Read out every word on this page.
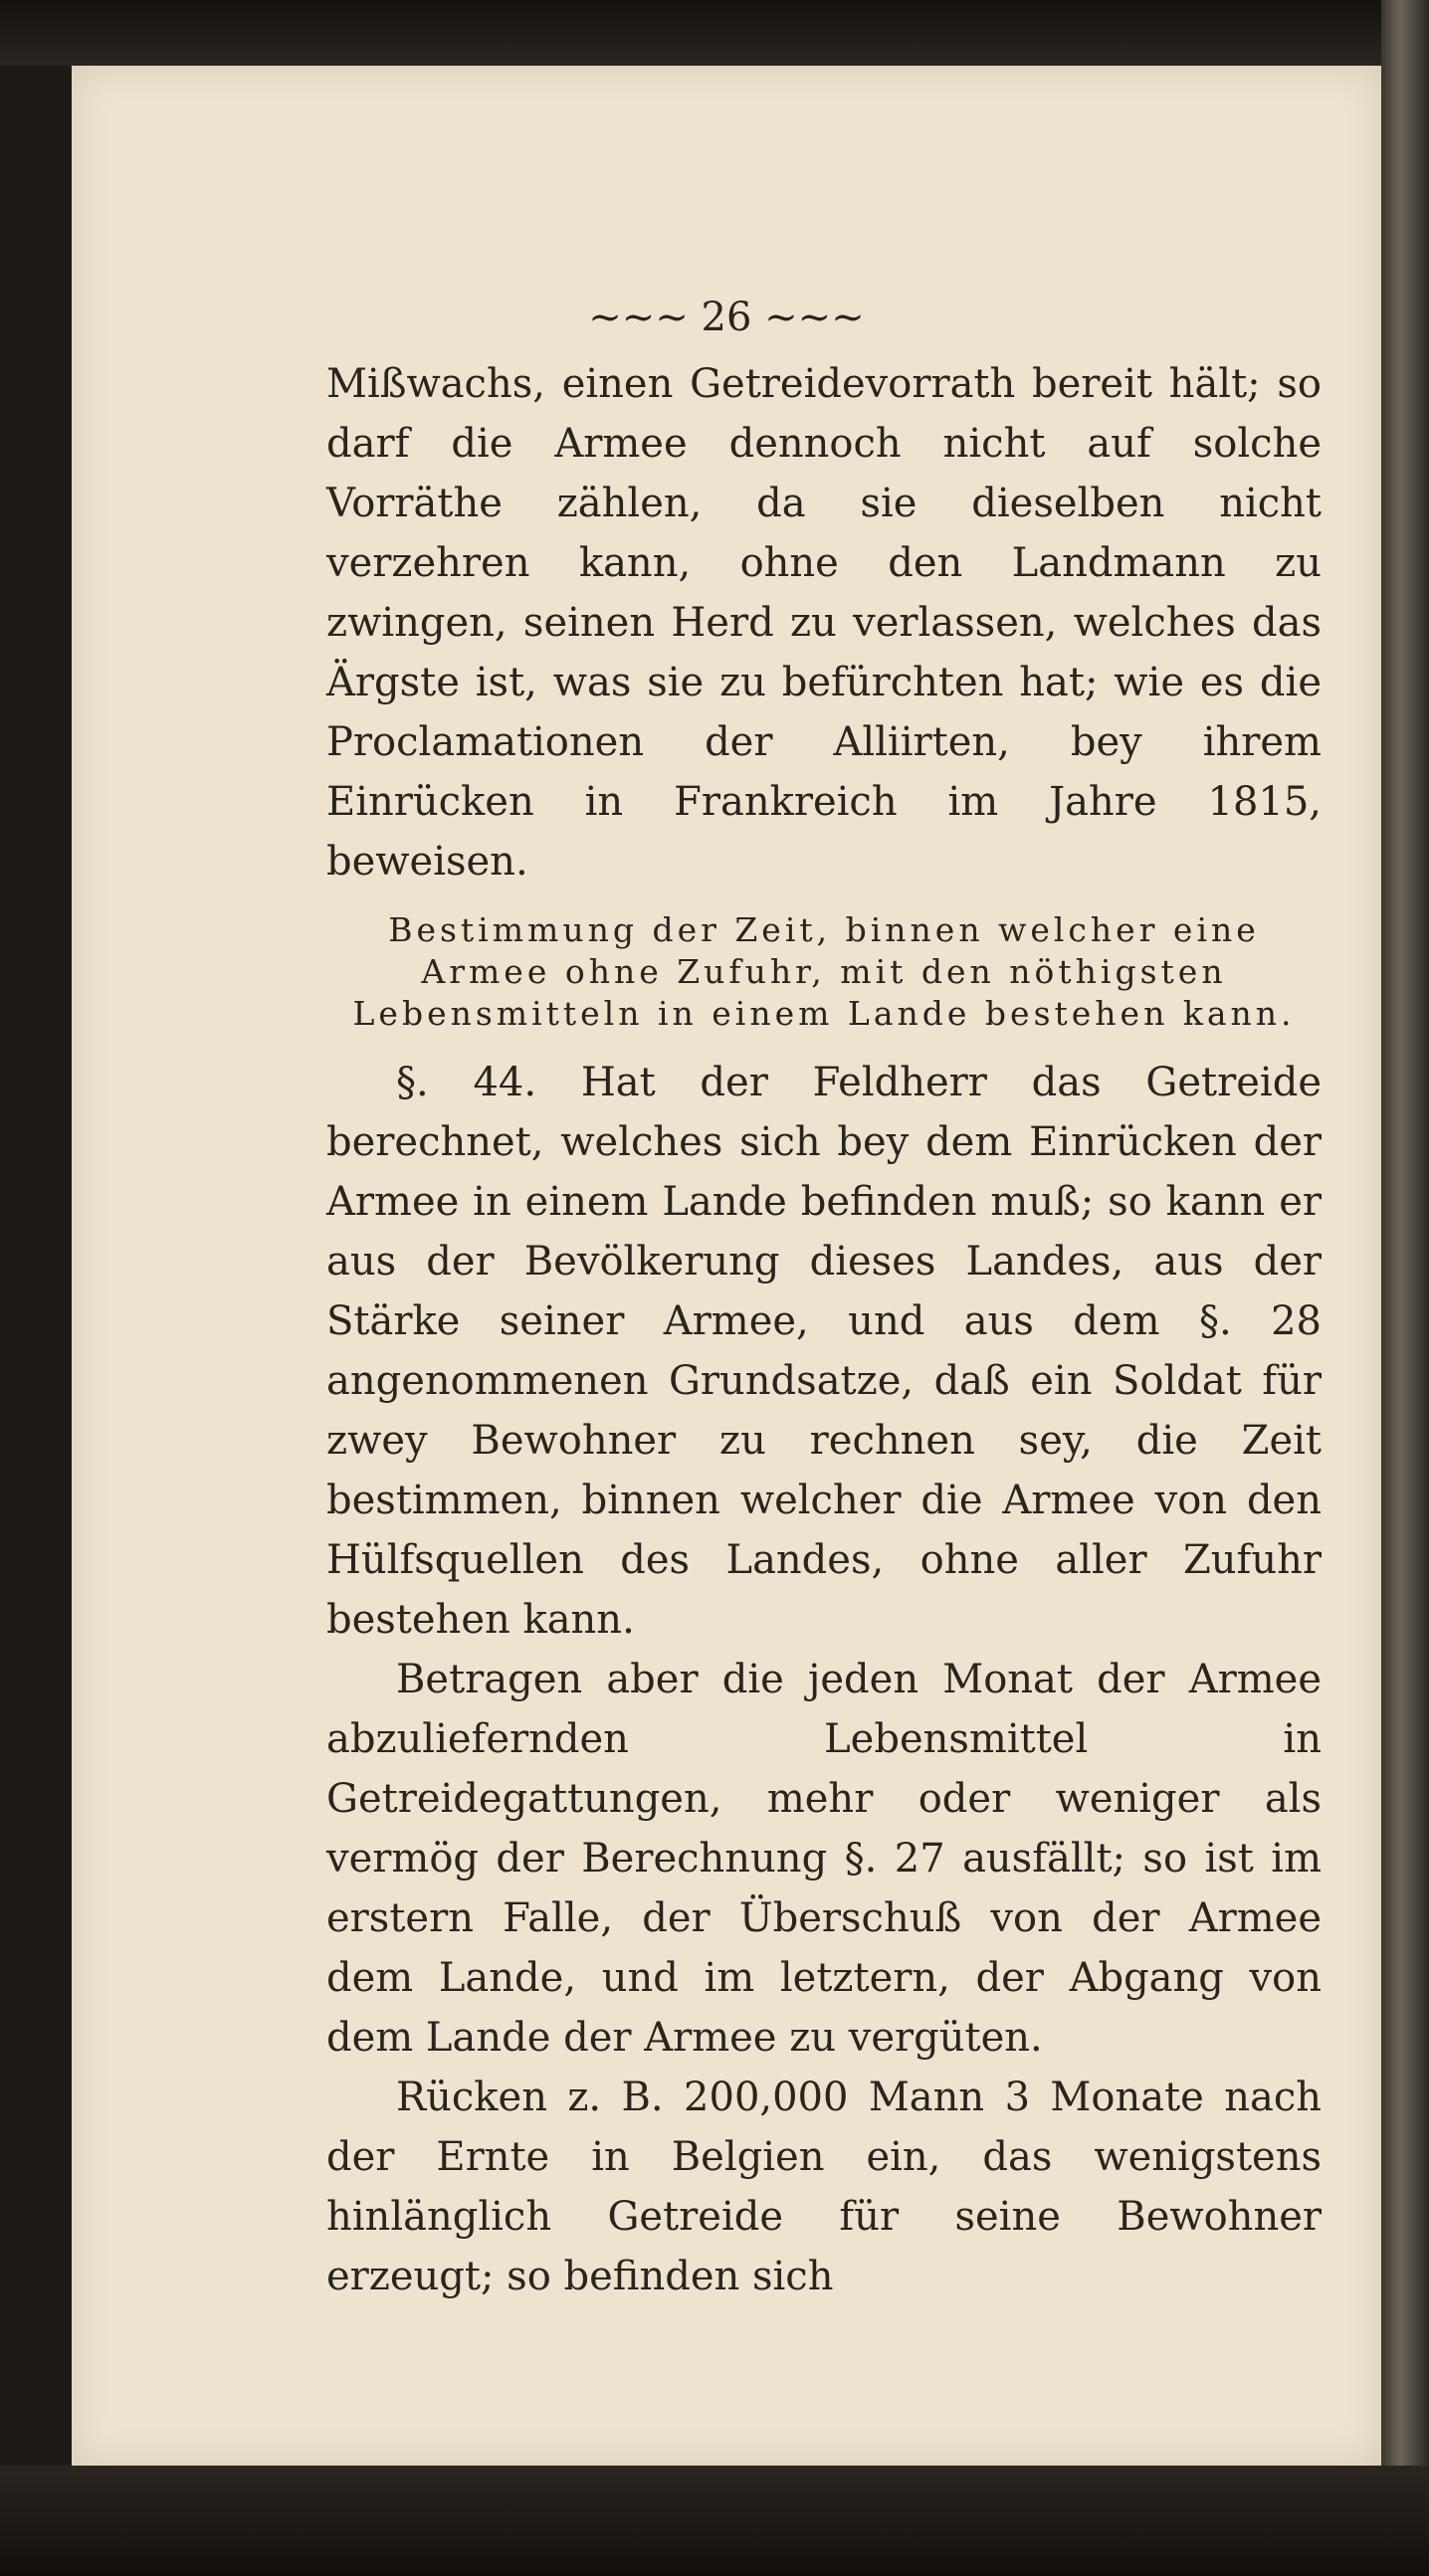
~~~ 26 ~~~

Mißwachs, einen Getreidevorrath bereit hält; so darf die Armee dennoch nicht auf solche Vorräthe zählen, da sie dieselben nicht verzehren kann, ohne den Landmann zu zwingen, seinen Herd zu verlassen, welches das Ärgste ist, was sie zu befürchten hat; wie es die Proclamationen der Alliirten, bey ihrem Einrücken in Frankreich im Jahre 1815, beweisen.

Bestimmung der Zeit, binnen welcher eine Armee ohne Zufuhr, mit den nöthigsten Lebensmitteln in einem Lande bestehen kann.

§. 44. Hat der Feldherr das Getreide berechnet, welches sich bey dem Einrücken der Armee in einem Lande befinden muß; so kann er aus der Bevölkerung dieses Landes, aus der Stärke seiner Armee, und aus dem §. 28 angenommenen Grundsatze, daß ein Soldat für zwey Bewohner zu rechnen sey, die Zeit bestimmen, binnen welcher die Armee von den Hülfsquellen des Landes, ohne aller Zufuhr bestehen kann.

Betragen aber die jeden Monat der Armee abzuliefernden Lebensmittel in Getreidegattungen, mehr oder weniger als vermög der Berechnung §. 27 ausfällt; so ist im erstern Falle, der Überschuß von der Armee dem Lande, und im letztern, der Abgang von dem Lande der Armee zu vergüten.

Rücken z. B. 200,000 Mann 3 Monate nach der Ernte in Belgien ein, das wenigstens hinlänglich Getreide für seine Bewohner erzeugt; so befinden sich
